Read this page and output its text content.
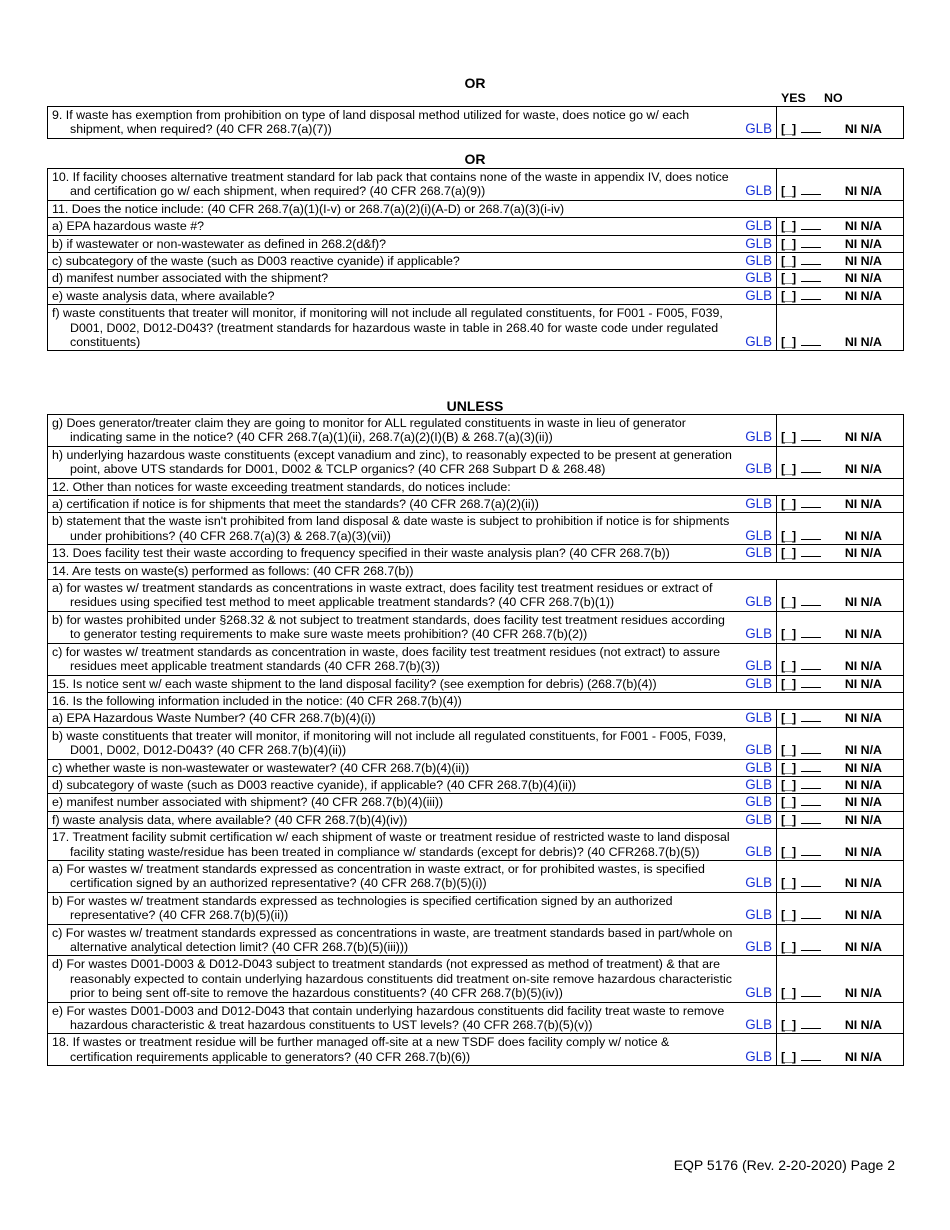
OR
YES NO
9. If waste has exemption from prohibition on type of land disposal method utilized for waste, does notice go w/ each shipment, when required? (40 CFR 268.7(a)(7))	GLB	[_]	NI N/A
OR
10. If facility chooses alternative treatment standard for lab pack that contains none of the waste in appendix IV, does notice and certification go w/ each shipment, when required? (40 CFR 268.7(a)(9))	GLB	[_] NI N/A

11. Does the notice include: (40 CFR 268.7(a)(1)(I-v) or 268.7(a)(2)(i)(A-D) or 268.7(a)(3)(i-iv)		

a) EPA hazardous waste #?	GLB	[_] NI N/A

b) if wastewater or non-wastewater as defined in 268.2(d&f)?	GLB	[_] NI N/A

c) subcategory of the waste (such as D003 reactive cyanide) if applicable?	GLB	[_] NI N/A

d) manifest number associated with the shipment?	GLB	[_] NI N/A

e) waste analysis data, where available?	GLB	[_] NI N/A

f) waste constituents that treater will monitor, if monitoring will not include all regulated constituents, for F001 - F005, F039, D001, D002, D012-D043? (treatment standards for hazardous waste in table in 268.40 for waste code under regulated constituents)	GLB	[_] NI N/A
UNLESS
g) Does generator/treater claim they are going to monitor for ALL regulated constituents in waste in lieu of generator indicating same in the notice? (40 CFR 268.7(a)(1)(ii), 268.7(a)(2)(I)(B) & 268.7(a)(3)(ii))	GLB	[_] NI N/A

h) underlying hazardous waste constituents (except vanadium and zinc), to reasonably expected to be present at generation point, above UTS standards for D001, D002 & TCLP organics? (40 CFR 268 Subpart D & 268.48)	GLB	[_] NI N/A

12. Other than notices for waste exceeding treatment standards, do notices include:		

a) certification if notice is for shipments that meet the standards? (40 CFR 268.7(a)(2)(ii))	GLB	[_] NI N/A

b) statement that the waste isn't prohibited from land disposal & date waste is subject to prohibition if notice is for shipments under prohibitions? (40 CFR 268.7(a)(3) & 268.7(a)(3)(vii))	GLB	[_] NI N/A

13. Does facility test their waste according to frequency specified in their waste analysis plan? (40 CFR 268.7(b))	GLB	[_] NI N/A

14. Are tests on waste(s) performed as follows: (40 CFR 268.7(b))		

a) for wastes w/ treatment standards as concentrations in waste extract, does facility test treatment residues or extract of residues using specified test method to meet applicable treatment standards? (40 CFR 268.7(b)(1))	GLB	[_] NI N/A

b) for wastes prohibited under §268.32 & not subject to treatment standards, does facility test treatment residues according to generator testing requirements to make sure waste meets prohibition? (40 CFR 268.7(b)(2))	GLB	[_] NI N/A

c) for wastes w/ treatment standards as concentration in waste, does facility test treatment residues (not extract) to assure residues meet applicable treatment standards (40 CFR 268.7(b)(3))	GLB	[_] NI N/A

15. Is notice sent w/ each waste shipment to the land disposal facility? (see exemption for debris) (268.7(b)(4))	GLB	[_] NI N/A

16. Is the following information included in the notice: (40 CFR 268.7(b)(4))		

a) EPA Hazardous Waste Number? (40 CFR 268.7(b)(4)(i))	GLB	[_] NI N/A

b) waste constituents that treater will monitor, if monitoring will not include all regulated constituents, for F001 - F005, F039, D001, D002, D012-D043? (40 CFR 268.7(b)(4)(ii))	GLB	[_] NI N/A

c) whether waste is non-wastewater or wastewater? (40 CFR 268.7(b)(4)(ii))	GLB	[_] NI N/A

d) subcategory of waste (such as D003 reactive cyanide), if applicable? (40 CFR 268.7(b)(4)(ii))	GLB	[_] NI N/A

e) manifest number associated with shipment? (40 CFR 268.7(b)(4)(iii))	GLB	[_] NI N/A

f) waste analysis data, where available? (40 CFR 268.7(b)(4)(iv))	GLB	[_] NI N/A

17. Treatment facility submit certification w/ each shipment of waste or treatment residue of restricted waste to land disposal facility stating waste/residue has been treated in compliance w/ standards (except for debris)? (40 CFR268.7(b)(5))	GLB	[_] NI N/A

a) For wastes w/ treatment standards expressed as concentration in waste extract, or for prohibited wastes, is specified certification signed by an authorized representative? (40 CFR 268.7(b)(5)(i))	GLB	[_] NI N/A

b) For wastes w/ treatment standards expressed as technologies is specified certification signed by an authorized representative? (40 CFR 268.7(b)(5)(ii))	GLB	[_] NI N/A

c) For wastes w/ treatment standards expressed as concentrations in waste, are treatment standards based in part/whole on alternative analytical detection limit? (40 CFR 268.7(b)(5)(iii)))	GLB	[_] NI N/A

d) For wastes D001-D003 & D012-D043 subject to treatment standards (not expressed as method of treatment) & that are reasonably expected to contain underlying hazardous constituents did treatment on-site remove hazardous characteristic prior to being sent off-site to remove the hazardous constituents? (40 CFR 268.7(b)(5)(iv))	GLB	[_] NI N/A

e) For wastes D001-D003 and D012-D043 that contain underlying hazardous constituents did facility treat waste to remove hazardous characteristic & treat hazardous constituents to UST levels? (40 CFR 268.7(b)(5)(v))	GLB	[_] NI N/A

18. If wastes or treatment residue will be further managed off-site at a new TSDF does facility comply w/ notice & certification requirements applicable to generators? (40 CFR 268.7(b)(6))	GLB	[_] NI N/A
EQP 5176 (Rev. 2-20-2020) Page 2
